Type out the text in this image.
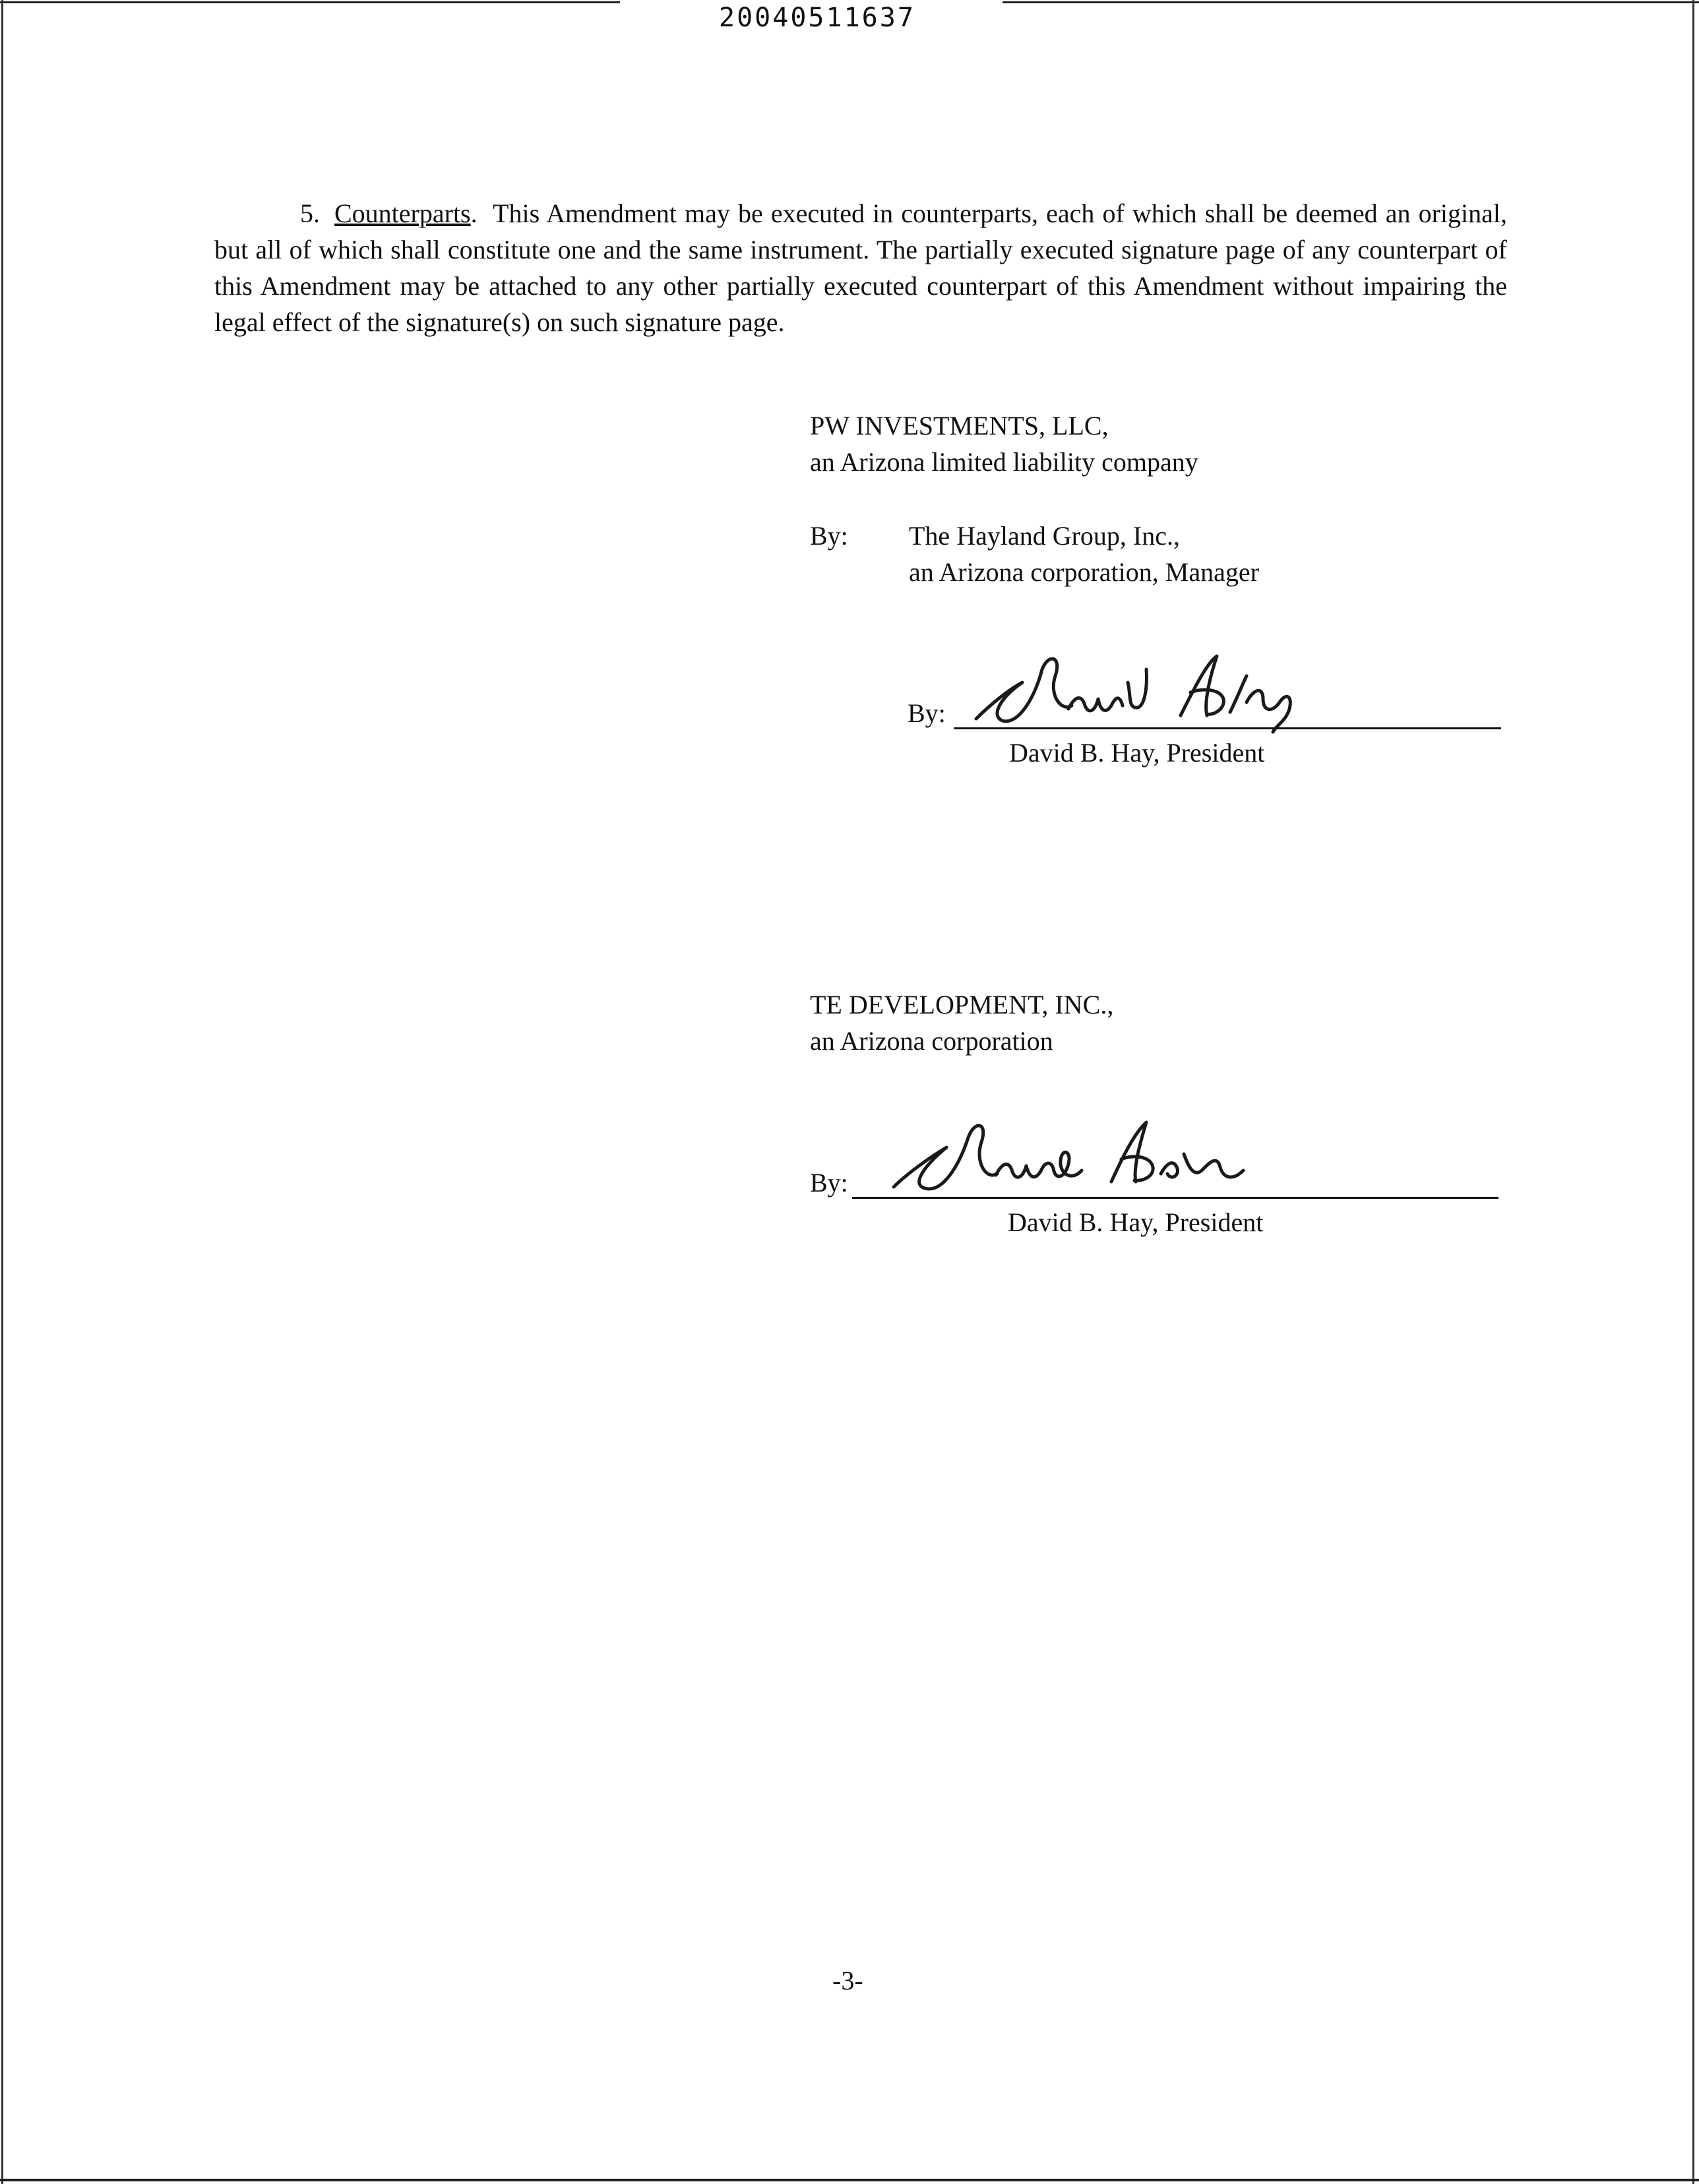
20040511637
5. Counterparts.  This Amendment may be executed in counterparts, each of which shall be deemed an original, but all of which shall constitute one and the same instrument. The partially executed signature page of any counterpart of this Amendment may be attached to any other partially executed counterpart of this Amendment without impairing the legal effect of the signature(s) on such signature page.
PW INVESTMENTS, LLC,
an Arizona limited liability company
By: The Hayland Group, Inc.,
an Arizona corporation, Manager
By:
David B. Hay, President
TE DEVELOPMENT, INC.,
an Arizona corporation
By:
David B. Hay, President
-3-
